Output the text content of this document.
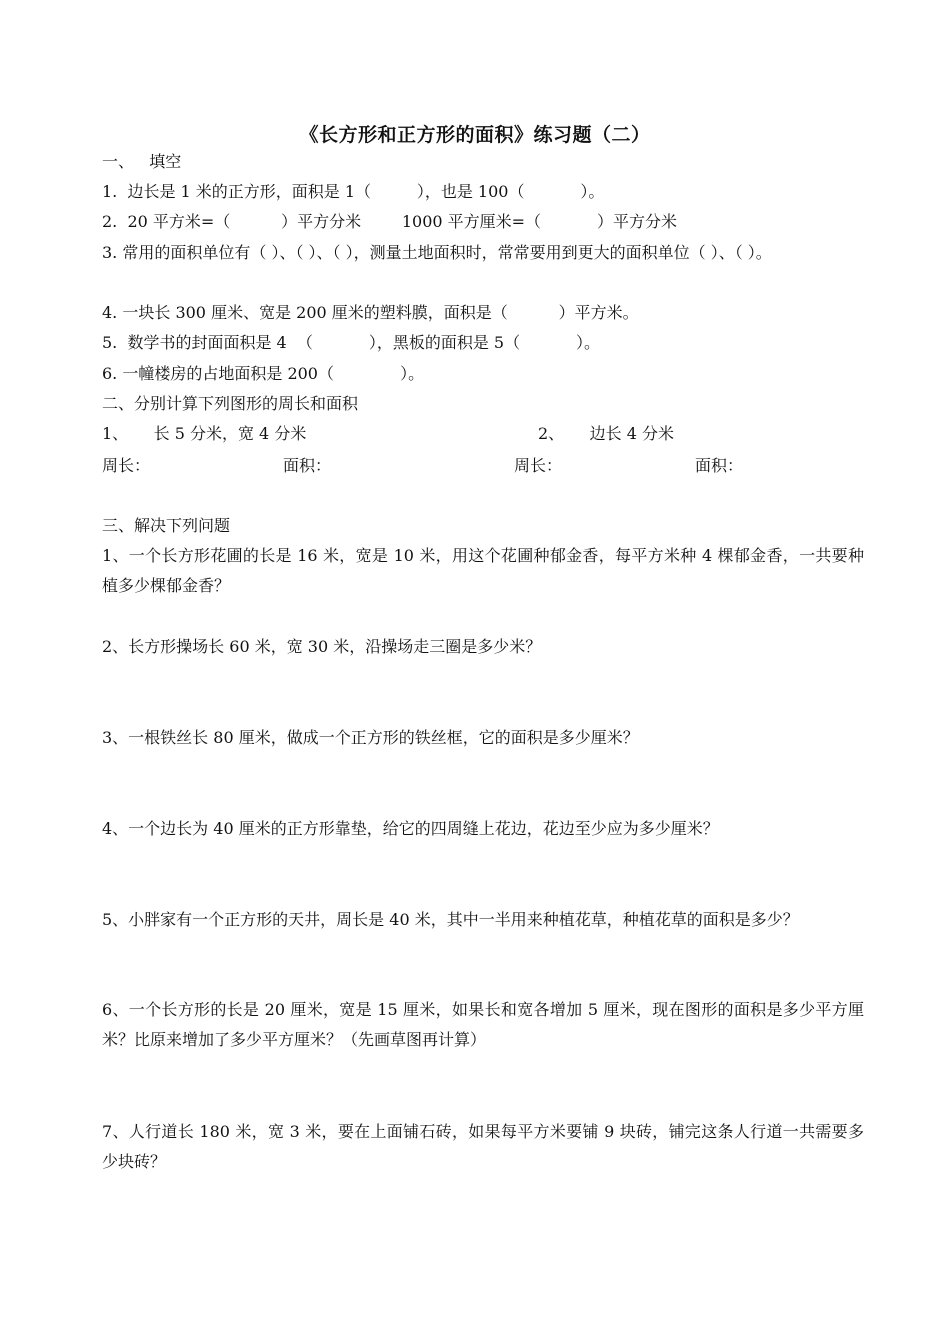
《长方形和正方形的面积》练习题（二）
一、   填空
1.  边长是 1 米的正方形，面积是 1（         ），也是 100（           ）。
2.  20 平方米=（          ）平方分米        1000 平方厘米=（           ）平方分米
3. 常用的面积单位有（ ）、（ ）、（ ），测量土地面积时，常常要用到更大的面积单位（ ）、（ ）。
4. 一块长 300 厘米、宽是 200 厘米的塑料膜，面积是（          ）平方米。
5.  数学书的封面面积是 4  （           ），黑板的面积是 5（           ）。
6. 一幢楼房的占地面积是 200（             ）。
二、分别计算下列图形的周长和面积
1、     长 5 分米，宽 4 分米	2、     边长 4 分米
周长：	面积：	周长：	面积：
三、解决下列问题
1、一个长方形花圃的长是 16 米，宽是 10 米，用这个花圃种郁金香，每平方米种 4 棵郁金香，一共要种植多少棵郁金香？
2、长方形操场长 60 米，宽 30 米，沿操场走三圈是多少米？
3、一根铁丝长 80 厘米，做成一个正方形的铁丝框，它的面积是多少厘米？
4、一个边长为 40 厘米的正方形靠垫，给它的四周缝上花边，花边至少应为多少厘米？
5、小胖家有一个正方形的天井，周长是 40 米，其中一半用来种植花草，种植花草的面积是多少？
6、一个长方形的长是 20 厘米，宽是 15 厘米，如果长和宽各增加 5 厘米，现在图形的面积是多少平方厘米？比原来增加了多少平方厘米？（先画草图再计算）
7、人行道长 180 米，宽 3 米，要在上面铺石砖，如果每平方米要铺 9 块砖，铺完这条人行道一共需要多少块砖？
